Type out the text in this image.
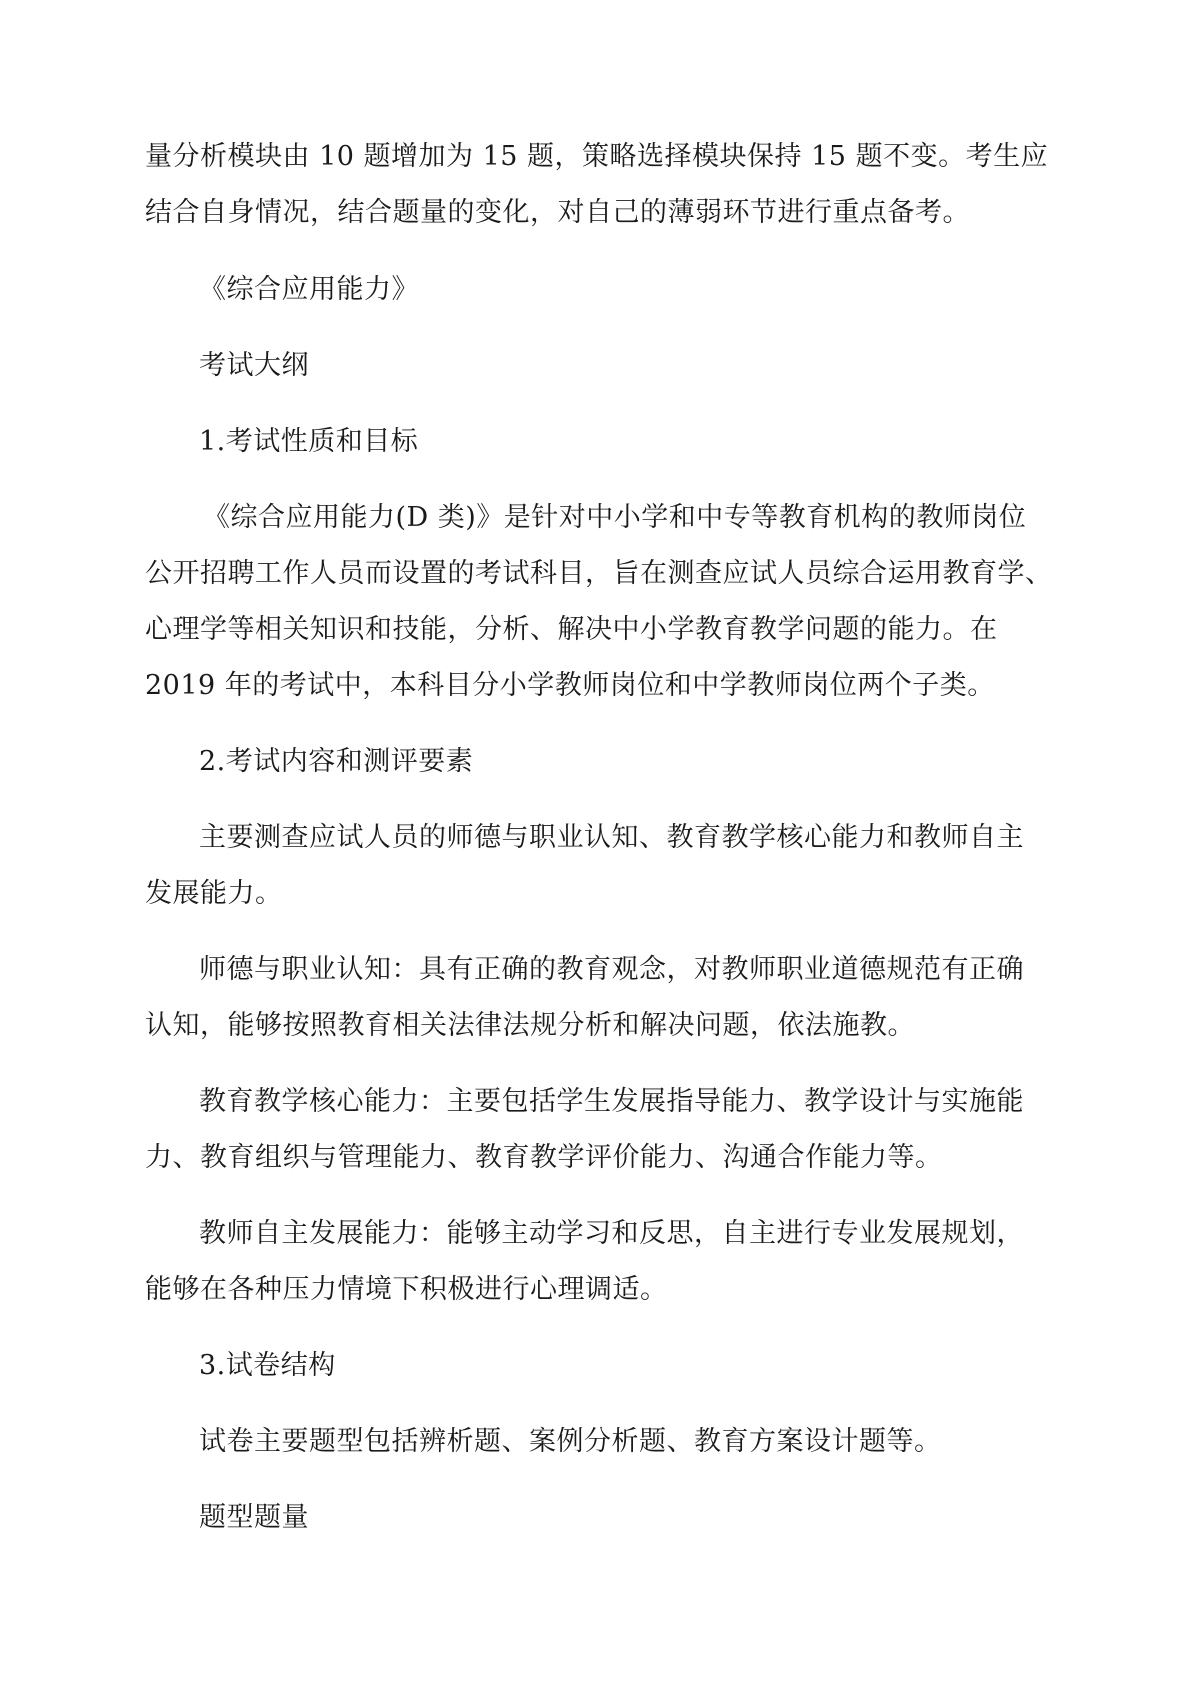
量分析模块由 10 题增加为 15 题，策略选择模块保持 15 题不变。考生应

结合自身情况，结合题量的变化，对自己的薄弱环节进行重点备考。

《综合应用能力》

考试大纲

1.考试性质和目标

《综合应用能力(D 类)》是针对中小学和中专等教育机构的教师岗位

公开招聘工作人员而设置的考试科目，旨在测查应试人员综合运用教育学、

心理学等相关知识和技能，分析、解决中小学教育教学问题的能力。在

2019 年的考试中，本科目分小学教师岗位和中学教师岗位两个子类。

2.考试内容和测评要素

主要测查应试人员的师德与职业认知、教育教学核心能力和教师自主

发展能力。

师德与职业认知：具有正确的教育观念，对教师职业道德规范有正确

认知，能够按照教育相关法律法规分析和解决问题，依法施教。

教育教学核心能力：主要包括学生发展指导能力、教学设计与实施能

力、教育组织与管理能力、教育教学评价能力、沟通合作能力等。

教师自主发展能力：能够主动学习和反思，自主进行专业发展规划，

能够在各种压力情境下积极进行心理调适。

3.试卷结构

试卷主要题型包括辨析题、案例分析题、教育方案设计题等。

题型题量
